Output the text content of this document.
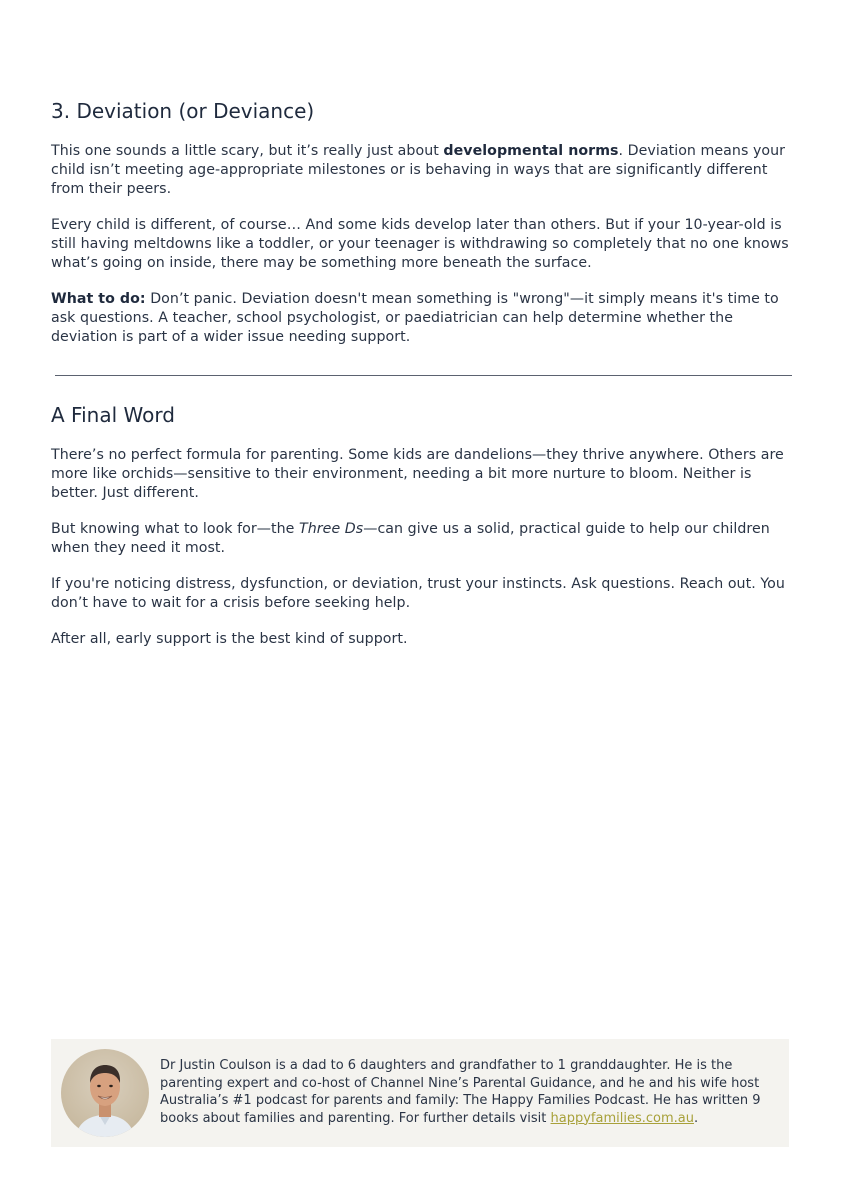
3. Deviation (or Deviance)

This one sounds a little scary, but it’s really just about developmental norms. Deviation means your child isn’t meeting age-appropriate milestones or is behaving in ways that are significantly different from their peers.

Every child is different, of course… And some kids develop later than others. But if your 10-year-old is still having meltdowns like a toddler, or your teenager is withdrawing so completely that no one knows what’s going on inside, there may be something more beneath the surface.

What to do: Don’t panic. Deviation doesn't mean something is "wrong"—it simply means it's time to ask questions. A teacher, school psychologist, or paediatrician can help determine whether the deviation is part of a wider issue needing support.

A Final Word

There’s no perfect formula for parenting. Some kids are dandelions—they thrive anywhere. Others are more like orchids—sensitive to their environment, needing a bit more nurture to bloom. Neither is better. Just different.

But knowing what to look for—the Three Ds—can give us a solid, practical guide to help our children when they need it most.

If you're noticing distress, dysfunction, or deviation, trust your instincts. Ask questions. Reach out. You don’t have to wait for a crisis before seeking help.

After all, early support is the best kind of support.

Dr Justin Coulson is a dad to 6 daughters and grandfather to 1 granddaughter. He is the parenting expert and co-host of Channel Nine’s Parental Guidance, and he and his wife host Australia’s #1 podcast for parents and family: The Happy Families Podcast. He has written 9 books about families and parenting. For further details visit happyfamilies.com.au.
